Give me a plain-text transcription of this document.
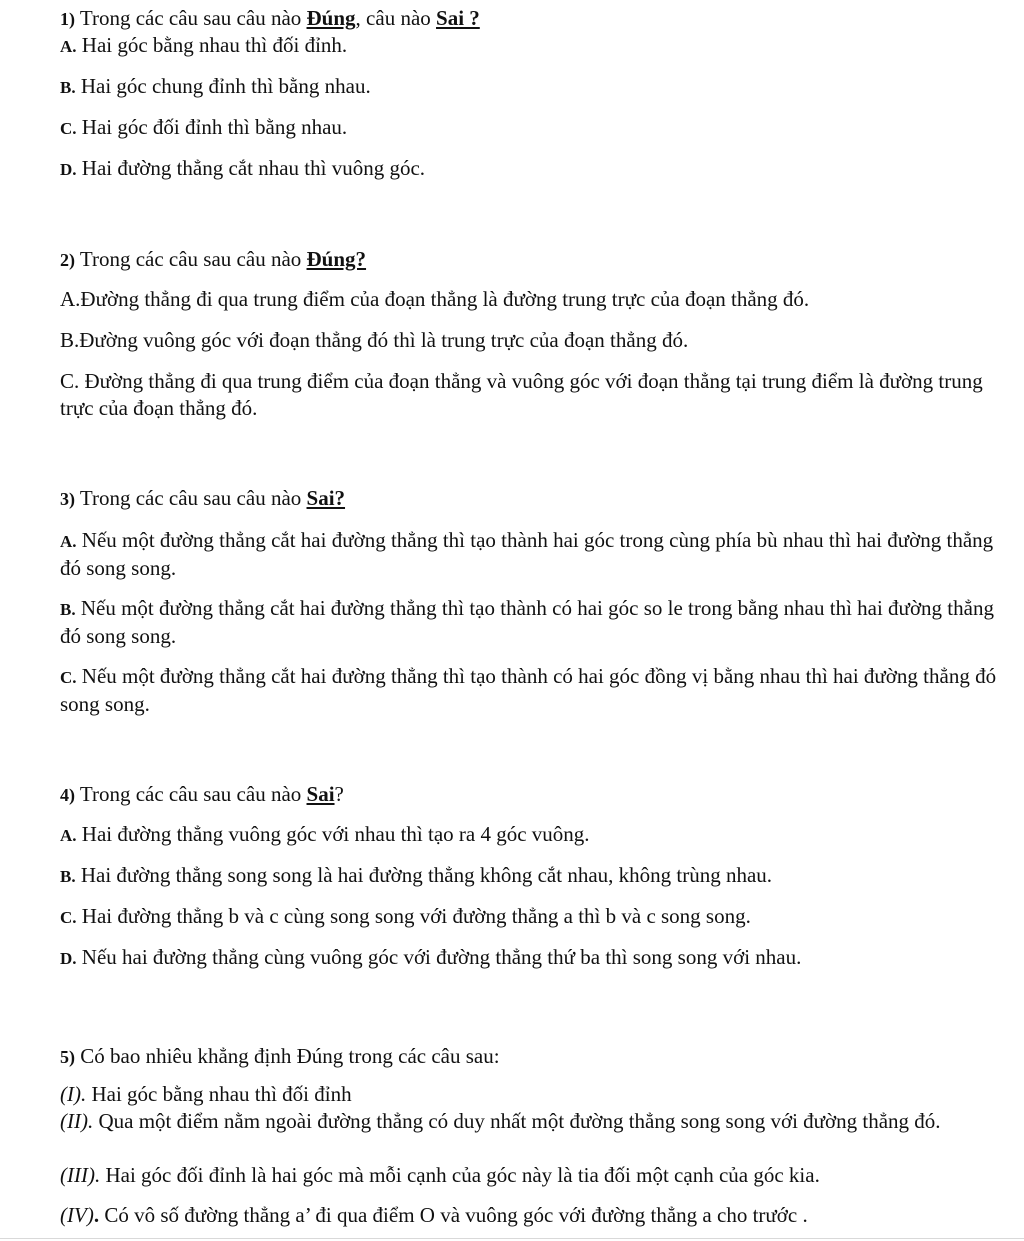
1) Trong các câu sau câu nào Đúng, câu nào Sai ?
A. Hai góc bằng nhau thì đối đỉnh.
B. Hai góc chung đỉnh thì bằng nhau.
C. Hai góc đối đỉnh thì bằng nhau.
D. Hai đường thẳng cắt nhau thì vuông góc.
2) Trong các câu sau câu nào Đúng?
A.Đường thẳng đi qua trung điểm của đoạn thẳng là đường trung trực của đoạn thẳng đó.
B.Đường vuông góc với đoạn thẳng đó thì là trung trực của đoạn thẳng đó.
C. Đường thẳng đi qua trung điểm của đoạn thẳng và vuông góc với đoạn thẳng tại trung điểm là đường trung trực của đoạn thẳng đó.
3) Trong các câu sau câu nào Sai?
A. Nếu một đường thẳng cắt hai đường thẳng thì tạo thành hai góc trong cùng phía bù nhau thì hai đường thẳng đó song song.
B. Nếu một đường thẳng cắt hai đường thẳng thì tạo thành có hai góc so le trong bằng nhau thì hai đường thẳng đó song song.
C. Nếu một đường thẳng cắt hai đường thẳng thì tạo thành có hai góc đồng vị bằng nhau thì hai đường thẳng đó song song.
4) Trong các câu sau câu nào Sai?
A. Hai đường thẳng vuông góc với nhau thì tạo ra 4 góc vuông.
B. Hai đường thẳng song song là hai đường thẳng không cắt nhau, không trùng nhau.
C. Hai đường thẳng b và c cùng song song với đường thẳng a thì b và c song song.
D. Nếu hai đường thẳng cùng vuông góc với đường thẳng thứ ba thì song song với nhau.
5) Có bao nhiêu khẳng định Đúng trong các câu sau:
(I). Hai góc bằng nhau thì đối đỉnh
(II). Qua một điểm nằm ngoài đường thẳng có duy nhất một đường thẳng song song với đường thẳng đó.
(III). Hai góc đối đỉnh là hai góc mà mỗi cạnh của góc này là tia đối một cạnh của góc kia.
(IV). Có vô số đường thẳng a’ đi qua điểm O và vuông góc với đường thẳng a cho trước .
